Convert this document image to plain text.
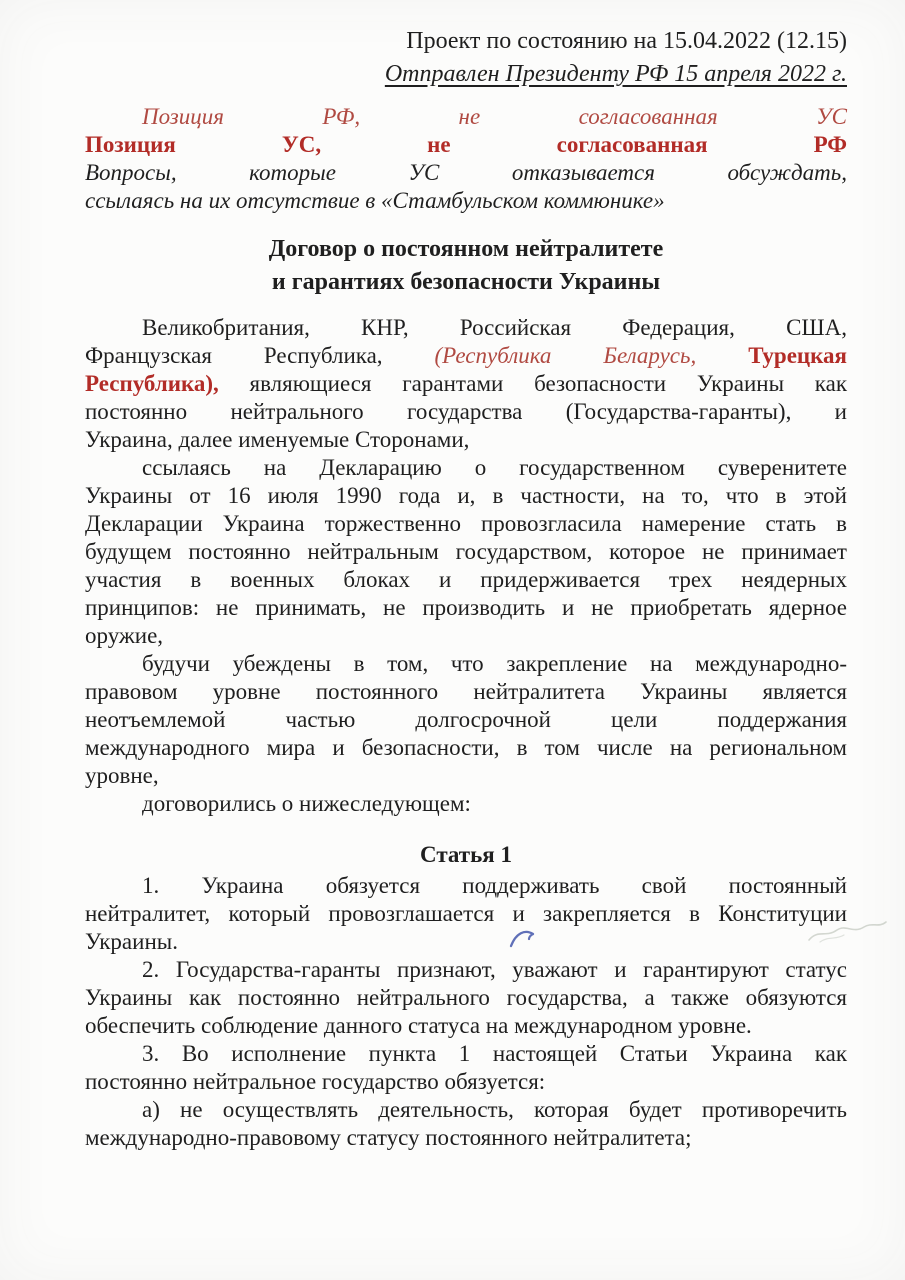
Проект по состоянию на 15.04.2022 (12.15)
Отправлен Президенту РФ 15 апреля 2022 г.
Позиция РФ, не согласованная УС
Позиция УС, не согласованная РФ
Вопросы, которые УС отказывается обсуждать,
ссылаясь на их отсутствие в «Стамбульском коммюнике»
Договор о постоянном нейтралитете
и гарантиях безопасности Украины
Великобритания, КНР, Российская Федерация, США,
Французская Республика, (Республика Беларусь, Турецкая
Республика), являющиеся гарантами безопасности Украины как
постоянно нейтрального государства (Государства-гаранты), и
Украина, далее именуемые Сторонами,
ссылаясь на Декларацию о государственном суверенитете
Украины от 16 июля 1990 года и, в частности, на то, что в этой
Декларации Украина торжественно провозгласила намерение стать в
будущем постоянно нейтральным государством, которое не принимает
участия в военных блоках и придерживается трех неядерных
принципов: не принимать, не производить и не приобретать ядерное
оружие,
будучи убеждены в том, что закрепление на международно-
правовом уровне постоянного нейтралитета Украины является
неотъемлемой частью долгосрочной цели поддержания
международного мира и безопасности, в том числе на региональном
уровне,
договорились о нижеследующем:
Статья 1
1. Украина обязуется поддерживать свой постоянный
нейтралитет, который провозглашается и закрепляется в Конституции
Украины.
2. Государства-гаранты признают, уважают и гарантируют статус
Украины как постоянно нейтрального государства, а также обязуются
обеспечить соблюдение данного статуса на международном уровне.
3. Во исполнение пункта 1 настоящей Статьи Украина как
постоянно нейтральное государство обязуется:
а) не осуществлять деятельность, которая будет противоречить
международно-правовому статусу постоянного нейтралитета;
